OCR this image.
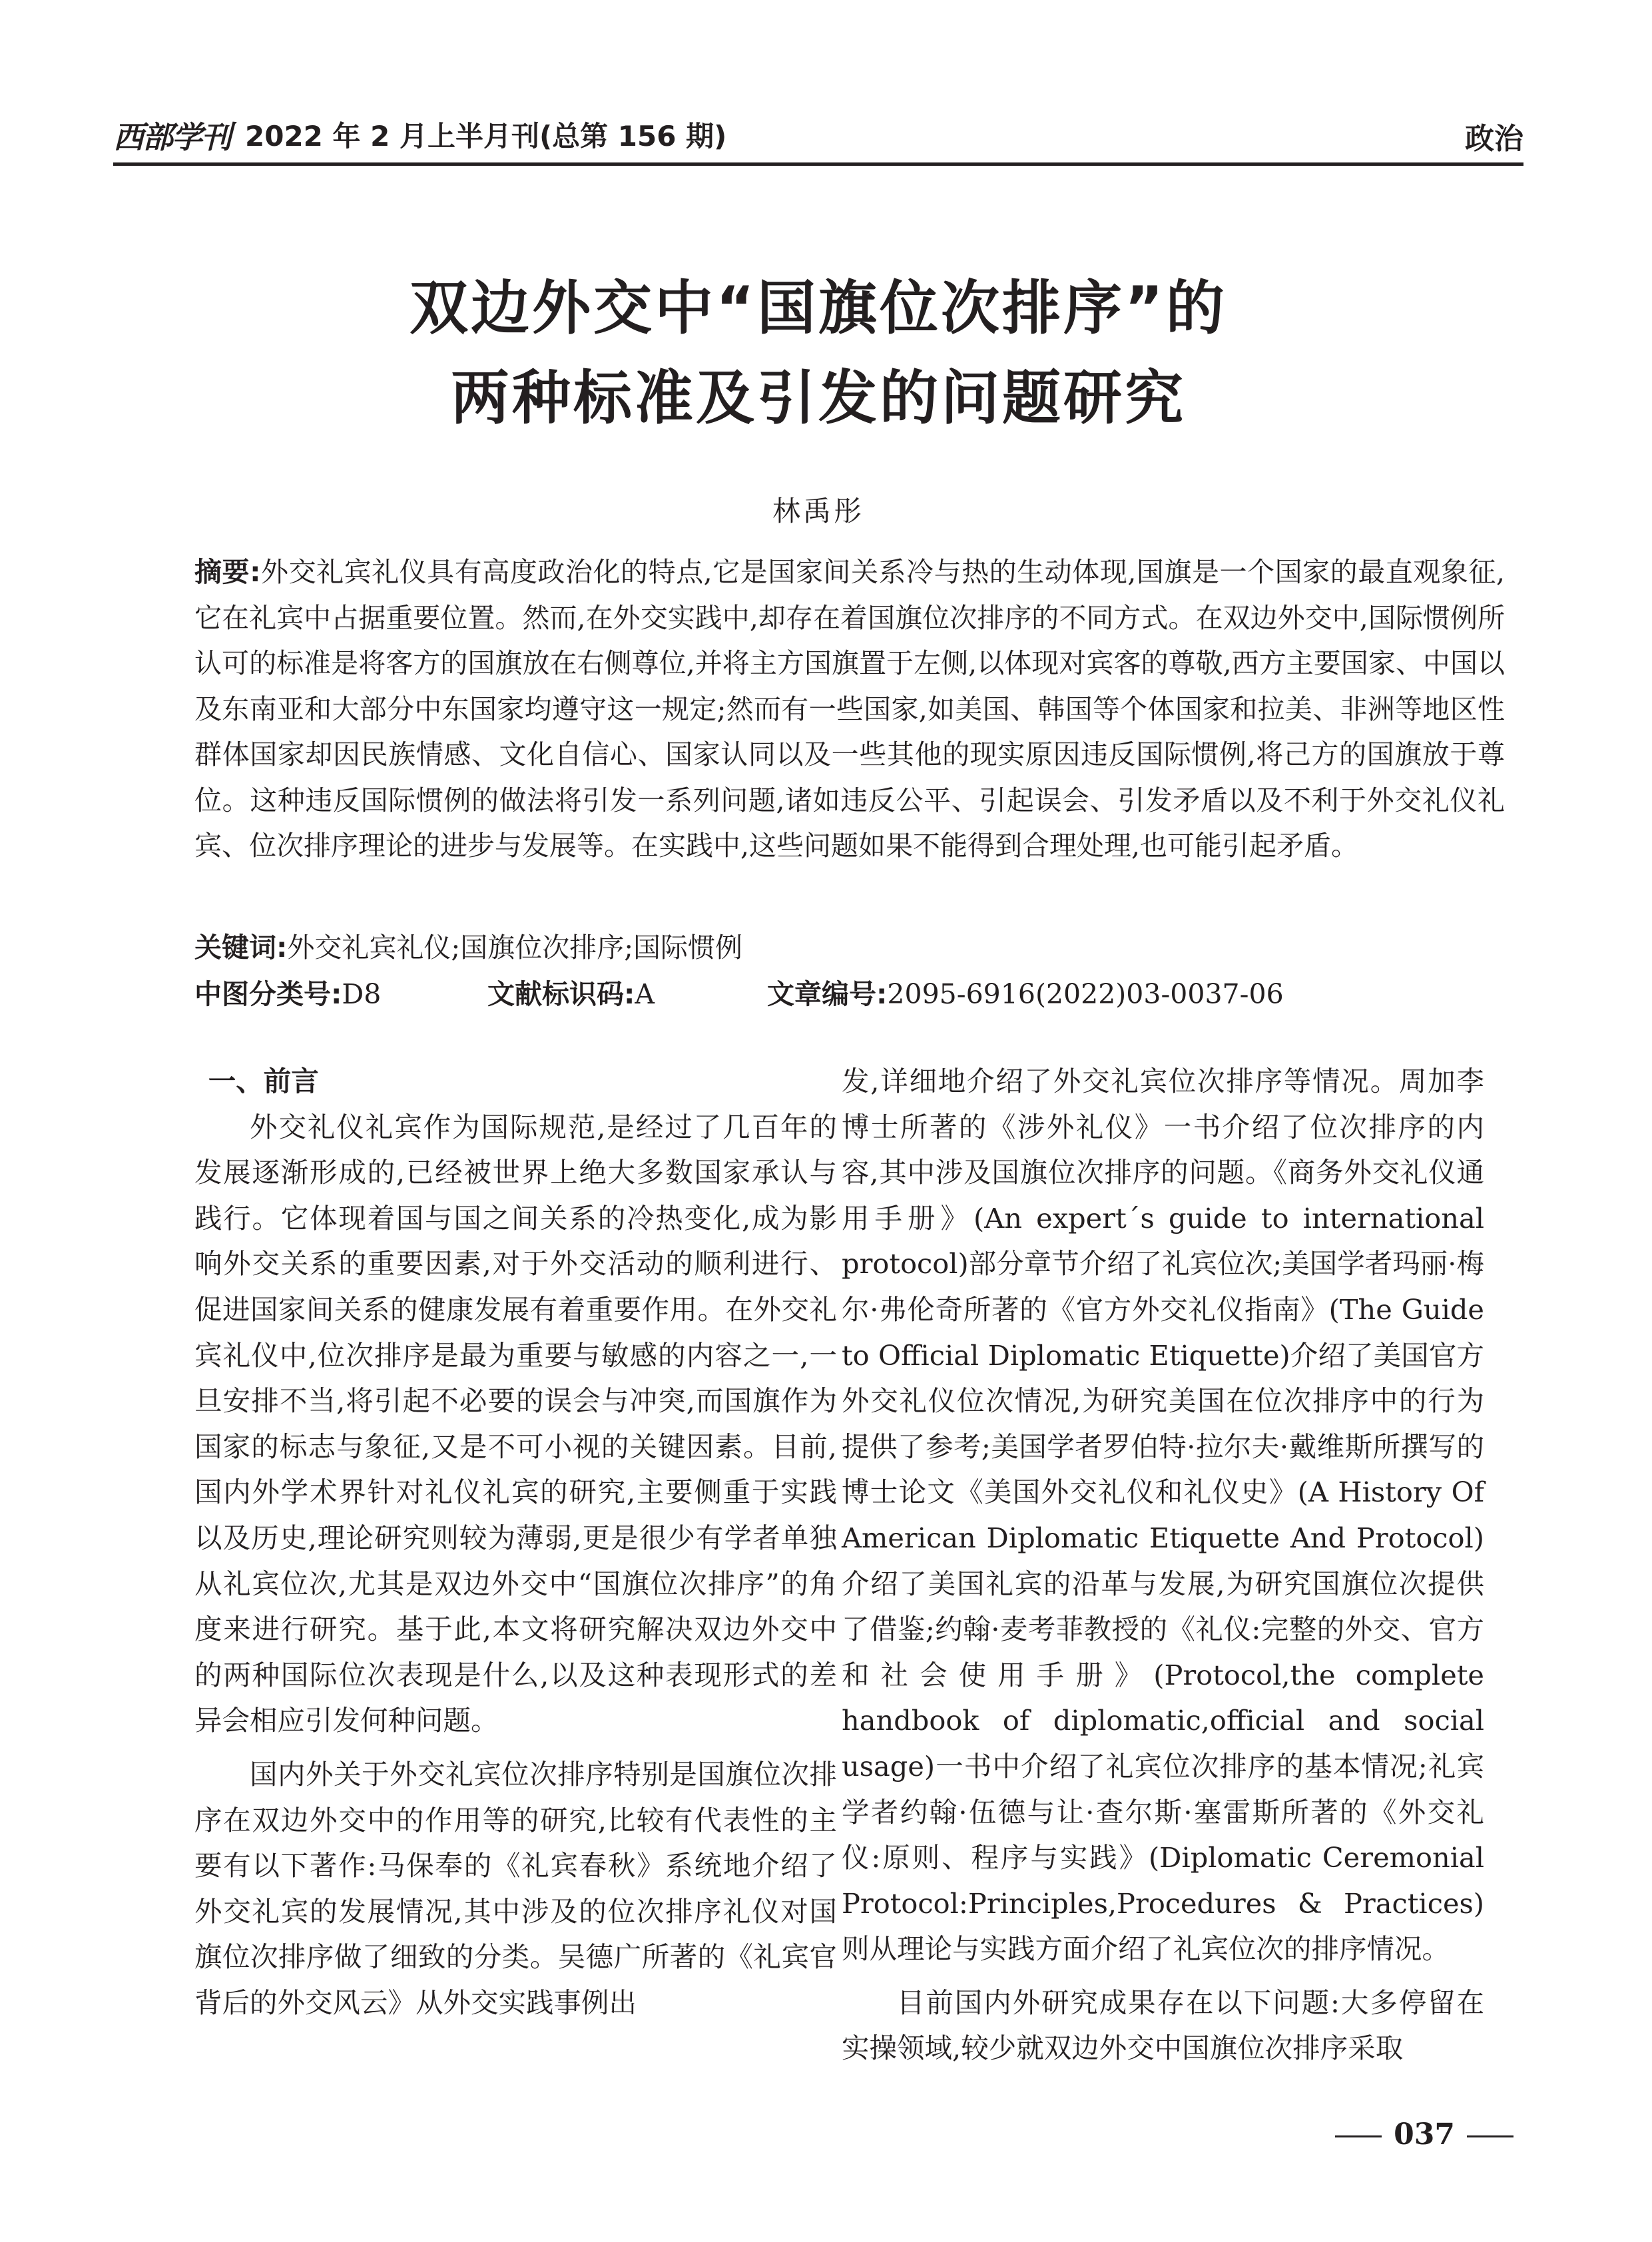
西部学刊 2022 年 2 月上半月刊(总第 156 期)	政治
双边外交中“国旗位次排序”的
两种标准及引发的问题研究
林禹彤

摘要:外交礼宾礼仪具有高度政治化的特点,它是国家间关系冷与热的生动体现,国旗是一个国家的最直观象征,它在礼宾中占据重要位置。然而,在外交实践中,却存在着国旗位次排序的不同方式。在双边外交中,国际惯例所认可的标准是将客方的国旗放在右侧尊位,并将主方国旗置于左侧,以体现对宾客的尊敬,西方主要国家、中国以及东南亚和大部分中东国家均遵守这一规定;然而有一些国家,如美国、韩国等个体国家和拉美、非洲等地区性群体国家却因民族情感、文化自信心、国家认同以及一些其他的现实原因违反国际惯例,将己方的国旗放于尊位。这种违反国际惯例的做法将引发一系列问题,诸如违反公平、引起误会、引发矛盾以及不利于外交礼仪礼宾、位次排序理论的进步与发展等。在实践中,这些问题如果不能得到合理处理,也可能引起矛盾。

关键词:外交礼宾礼仪;国旗位次排序;国际惯例
中图分类号:D8	文献标识码:A	文章编号:2095-6916(2022)03-0037-06

一、前言

外交礼仪礼宾作为国际规范,是经过了几百年的发展逐渐形成的,已经被世界上绝大多数国家承认与践行。它体现着国与国之间关系的冷热变化,成为影响外交关系的重要因素,对于外交活动的顺利进行、促进国家间关系的健康发展有着重要作用。在外交礼宾礼仪中,位次排序是最为重要与敏感的内容之一,一旦安排不当,将引起不必要的误会与冲突,而国旗作为国家的标志与象征,又是不可小视的关键因素。目前,国内外学术界针对礼仪礼宾的研究,主要侧重于实践以及历史,理论研究则较为薄弱,更是很少有学者单独从礼宾位次,尤其是双边外交中“国旗位次排序”的角度来进行研究。基于此,本文将研究解决双边外交中的两种国际位次表现是什么,以及这种表现形式的差异会相应引发何种问题。

国内外关于外交礼宾位次排序特别是国旗位次排序在双边外交中的作用等的研究,比较有代表性的主要有以下著作:马保奉的《礼宾春秋》系统地介绍了外交礼宾的发展情况,其中涉及的位次排序礼仪对国旗位次排序做了细致的分类。吴德广所著的《礼宾官背后的外交风云》从外交实践事例出

发,详细地介绍了外交礼宾位次排序等情况。周加李博士所著的《涉外礼仪》一书介绍了位次排序的内容,其中涉及国旗位次排序的问题。《商务外交礼仪通用手册》(An expert´s guide to international protocol)部分章节介绍了礼宾位次;美国学者玛丽·梅尔·弗伦奇所著的《官方外交礼仪指南》(The Guide to Official Diplomatic Etiquette)介绍了美国官方外交礼仪位次情况,为研究美国在位次排序中的行为提供了参考;美国学者罗伯特·拉尔夫·戴维斯所撰写的博士论文《美国外交礼仪和礼仪史》(A History Of American Diplomatic Etiquette And Protocol)介绍了美国礼宾的沿革与发展,为研究国旗位次提供了借鉴;约翰·麦考菲教授的《礼仪:完整的外交、官方和社会使用手册》(Protocol,the complete handbook of diplomatic,official and social usage)一书中介绍了礼宾位次排序的基本情况;礼宾学者约翰·伍德与让·查尔斯·塞雷斯所著的《外交礼仪:原则、程序与实践》(Diplomatic Ceremonial Protocol:Principles,Procedures & Practices)则从理论与实践方面介绍了礼宾位次的排序情况。

目前国内外研究成果存在以下问题:大多停留在实操领域,较少就双边外交中国旗位次排序采取

037
